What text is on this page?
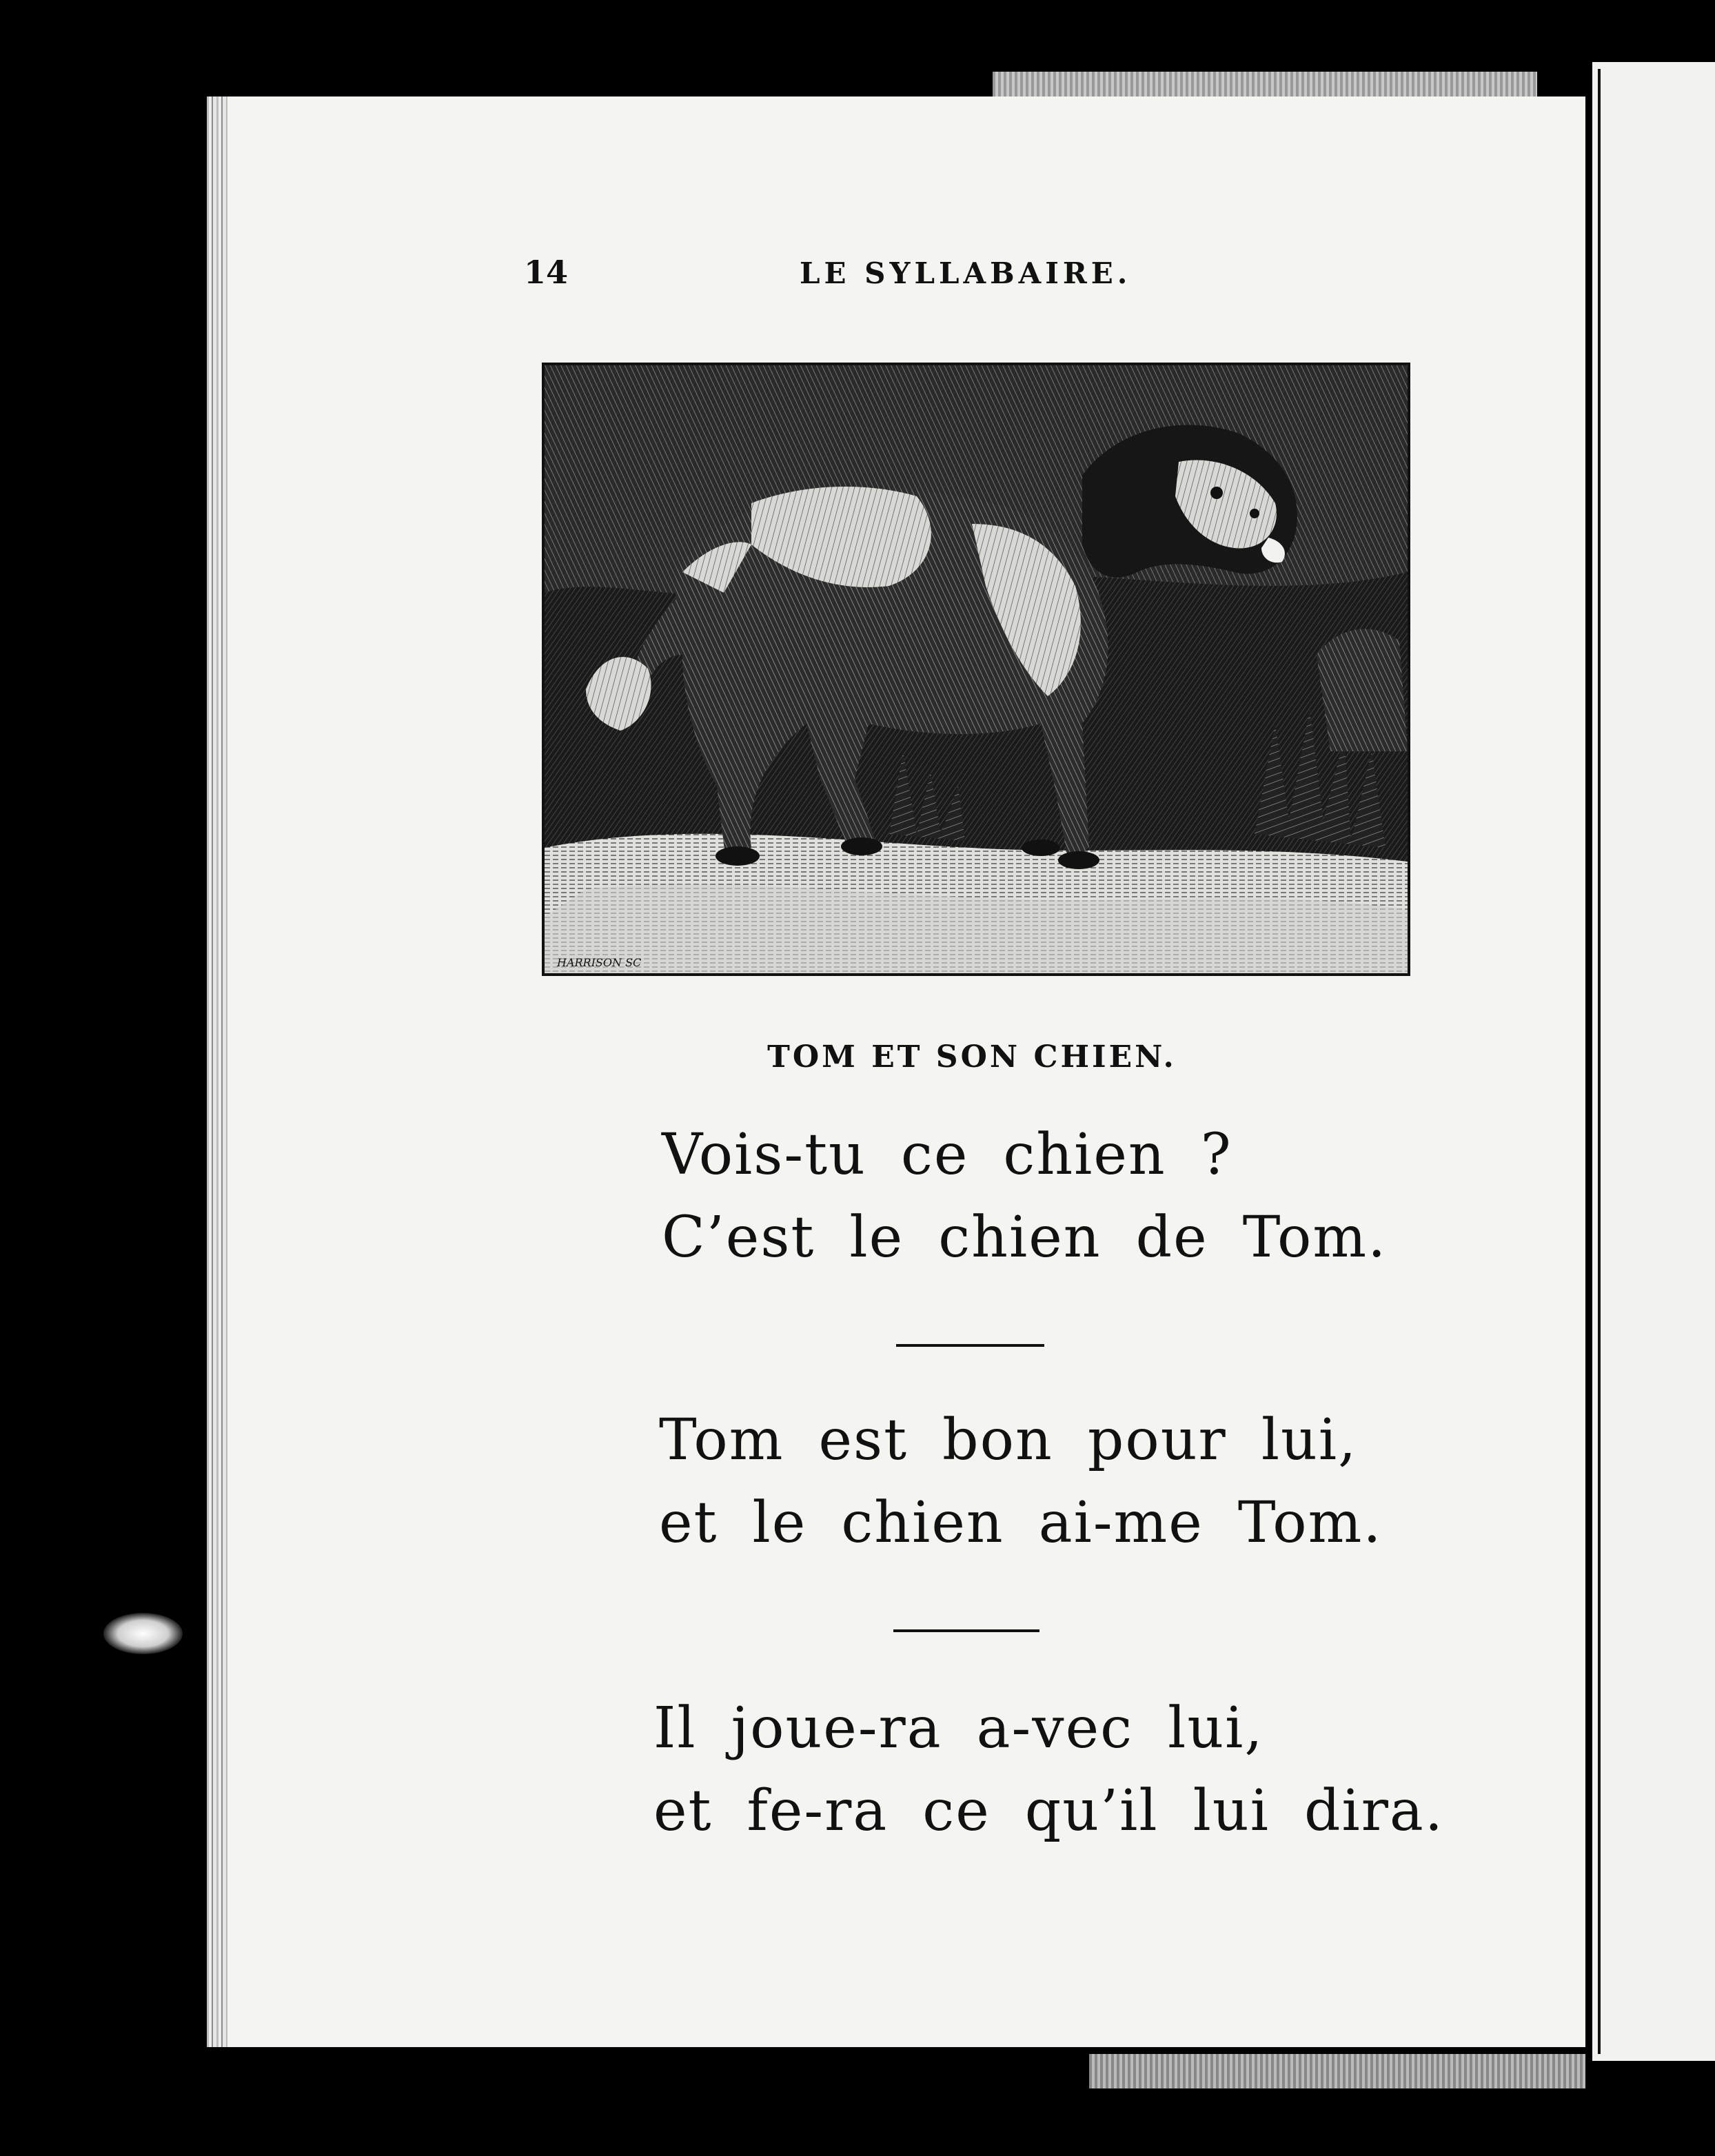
14	LE SYLLABAIRE.
HARRISON SC
TOM ET SON CHIEN.
Vois-tu ce chien ?
C’est le chien de Tom.
Tom est bon pour lui,
et le chien ai-me Tom.
Il joue-ra a-vec lui,
et fe-ra ce qu’il lui dira.
